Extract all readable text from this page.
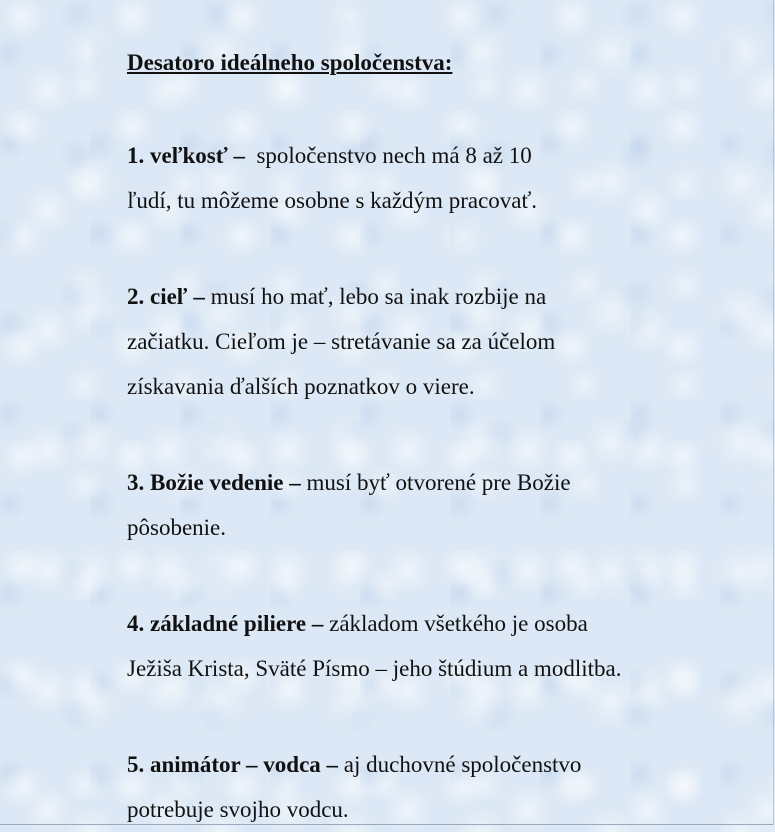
Desatoro ideálneho spoločenstva:

1. veľkosť – spoločenstvo nech má 8 až 10
ľudí, tu môžeme osobne s každým pracovať.
2. cieľ – musí ho mať, lebo sa inak rozbije na
začiatku. Cieľom je – stretávanie sa za účelom
získavania ďalších poznatkov o viere.
3. Božie vedenie – musí byť otvorené pre Božie
pôsobenie.
4. základné piliere – základom všetkého je osoba
Ježiša Krista, Sväté Písmo – jeho štúdium a modlitba.
5. animátor – vodca – aj duchovné spoločenstvo
potrebuje svojho vodcu.
